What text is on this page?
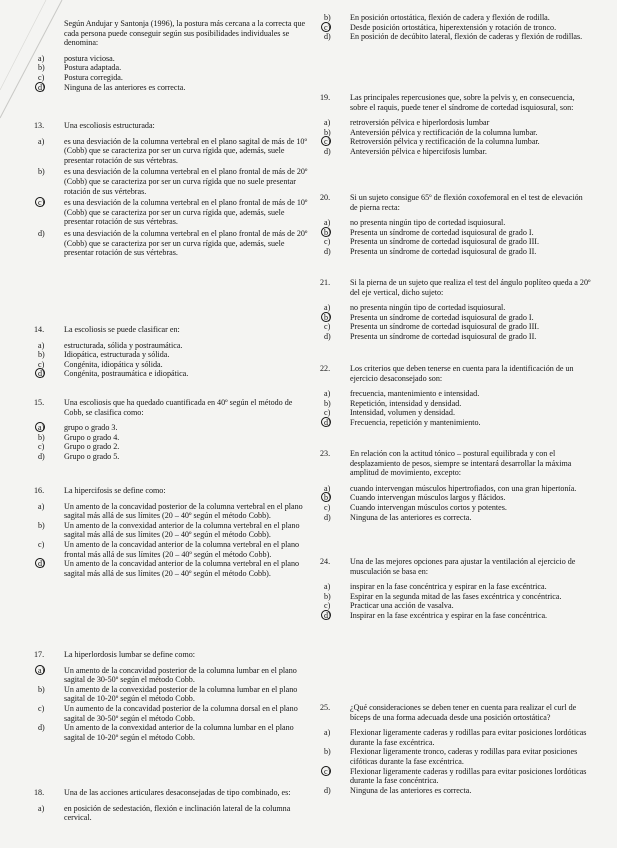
Según Andujar y Santonja (1996), la postura más cercana a la correcta que cada persona puede conseguir según sus posibilidades individuales se denomina:
a)	postura viciosa.
b)	Postura adaptada.
c)	Postura corregida.
d)	Ninguna de las anteriores es correcta.
13.	Una escoliosis estructurada:
a)	es una desviación de la columna vertebral en el plano sagital de más de 10º (Cobb) que se caracteriza por ser un curva rígida que, además, suele presentar rotación de sus vértebras.
b)	es una desviación de la columna vertebral en el plano frontal de más de 20º (Cobb) que se caracteriza por ser un curva rígida que no suele presentar rotación de sus vértebras.
c)	es una desviación de la columna vertebral en el plano frontal de más de 10º (Cobb) que se caracteriza por ser un curva rígida que, además, suele presentar rotación de sus vértebras.
d)	es una desviación de la columna vertebral en el plano frontal de más de 20º (Cobb) que se caracteriza por ser un curva rígida que, además, suele presentar rotación de sus vértebras.
14.	La escoliosis se puede clasificar en:
a)	estructurada, sólida y postraumática.
b)	Idiopática, estructurada y sólida.
c)	Congénita, idiopática y sólida.
d)	Congénita, postraumática e idiopática.
15.	Una escoliosis que ha quedado cuantificada en 40º según el método de Cobb, se clasifica como:
a)	grupo o grado 3.
b)	Grupo o grado 4.
c)	Grupo o grado 2.
d)	Grupo o grado 5.
16.	La hipercifosis se define como:
a)	Un amento de la concavidad posterior de la columna vertebral en el plano sagital más allá de sus límites (20 – 40º según el método Cobb).
b)	Un amento de la convexidad anterior de la columna vertebral en el plano sagital más allá de sus límites (20 – 40º según el método Cobb).
c)	Un amento de la concavidad anterior de la columna vertebral en el plano frontal más allá de sus límites (20 – 40º según el método Cobb).
d)	Un amento de la concavidad anterior de la columna vertebral en el plano sagital más allá de sus límites (20 – 40º según el método Cobb).
17.	La hiperlordosis lumbar se define como:
a)	Un amento de la concavidad posterior de la columna lumbar en el plano sagital de 30-50º según el método Cobb.
b)	Un amento de la convexidad posterior de la columna lumbar en el plano sagital de 10-20º según el método Cobb.
c)	Un aumento de la concavidad posterior de la columna dorsal en el plano sagital de 30-50º según el método Cobb.
d)	Un amento de la convexidad anterior de la columna lumbar en el plano sagital de 10-20º según el método Cobb.
18.	Una de las acciones articulares desaconsejadas de tipo combinado, es:
a)	en posición de sedestación, flexión e inclinación lateral de la columna cervical.
b)	En posición ortostática, flexión de cadera y flexión de rodilla.
c)	Desde posición ortostática, hiperextensión y rotación de tronco.
d)	En posición de decúbito lateral, flexión de caderas y flexión de rodillas.
19.	Las principales repercusiones que, sobre la pelvis y, en consecuencia, sobre el raquis, puede tener el síndrome de cortedad isquiosural, son:
a)	retroversión pélvica e hiperlordosis lumbar
b)	Anteversión pélvica y rectificación de la columna lumbar.
c)	Retroversión pélvica y rectificación de la columna lumbar.
d)	Anteversión pélvica e hipercifosis lumbar.
20.	Si un sujeto consigue 65º de flexión coxofemoral en el test de elevación de pierna recta:
a)	no presenta ningún tipo de cortedad isquiosural.
b)	Presenta un síndrome de cortedad isquiosural de grado I.
c)	Presenta un síndrome de cortedad isquiosural de grado III.
d)	Presenta un síndrome de cortedad isquiosural de grado II.
21.	Si la pierna de un sujeto que realiza el test del ángulo poplíteo queda a 20º del eje vertical, dicho sujeto:
a)	no presenta ningún tipo de cortedad isquiosural.
b)	Presenta un síndrome de cortedad isquiosural de grado I.
c)	Presenta un síndrome de cortedad isquiosural de grado III.
d)	Presenta un síndrome de cortedad isquiosural de grado II.
22.	Los criterios que deben tenerse en cuenta para la identificación de un ejercicio desaconsejado son:
a)	frecuencia, mantenimiento e intensidad.
b)	Repetición, intensidad y densidad.
c)	Intensidad, volumen y densidad.
d)	Frecuencia, repetición y mantenimiento.
23.	En relación con la actitud tónico – postural equilibrada y con el desplazamiento de pesos, siempre se intentará desarrollar la máxima amplitud de movimiento, excepto:
a)	cuando intervengan músculos hipertrofiados, con una gran hipertonía.
b)	Cuando intervengan músculos largos y flácidos.
c)	Cuando intervengan músculos cortos y potentes.
d)	Ninguna de las anteriores es correcta.
24.	Una de las mejores opciones para ajustar la ventilación al ejercicio de musculación se basa en:
a)	inspirar en la fase concéntrica y espirar en la fase excéntrica.
b)	Espirar en la segunda mitad de las fases excéntrica y concéntrica.
c)	Practicar una acción de vasalva.
d)	Inspirar en la fase excéntrica y espirar en la fase concéntrica.
25.	¿Qué consideraciones se deben tener en cuenta para realizar el curl de bíceps de una forma adecuada desde una posición ortostática?
a)	Flexionar ligeramente caderas y rodillas para evitar posiciones lordóticas durante la fase excéntrica.
b)	Flexionar ligeramente tronco, caderas y rodillas para evitar posiciones cifóticas durante la fase excéntrica.
c)	Flexionar ligeramente caderas y rodillas para evitar posiciones lordóticas durante la fase concéntrica.
d)	Ninguna de las anteriores es correcta.
